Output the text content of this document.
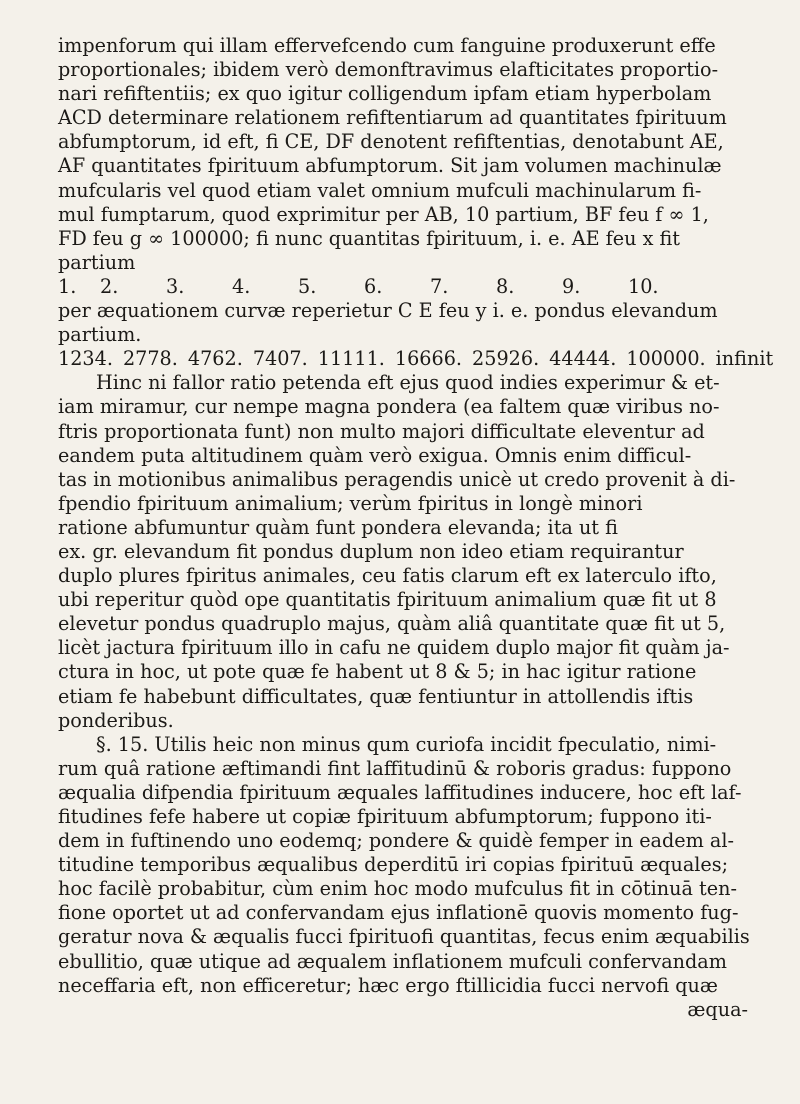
impenforum qui illam effervefcendo cum fanguine produxerunt effe
proportionales; ibidem verò demonftravimus elafticitates proportio-
nari refiftentiis; ex quo igitur colligendum ipfam etiam hyperbolam
ACD determinare relationem refiftentiarum ad quantitates fpirituum
abfumptorum, id eft, fi CE, DF denotent refiftentias, denotabunt AE,
AF quantitates fpirituum abfumptorum. Sit jam volumen machinulæ
mufcularis vel quod etiam valet omnium mufculi machinularum fi-
mul fumptarum, quod exprimitur per AB, 10 partium, BF feu f ∞ 1,
FD feu g ∞ 100000; fi nunc quantitas fpirituum, i. e. AE feu x fit
partium
1.	2.	3.	4.	5.	6.	7.	8.	9.	10.
per æquationem curvæ reperietur C E feu y i. e. pondus elevandum
partium.
1234. 2778. 4762. 7407. 11111. 16666. 25926. 44444. 100000. infinit
Hinc ni fallor ratio petenda eft ejus quod indies experimur & et-
iam miramur, cur nempe magna pondera (ea faltem quæ viribus no-
ftris proportionata funt) non multo majori difficultate eleventur ad
eandem puta altitudinem quàm verò exigua. Omnis enim difficul-
tas in motionibus animalibus peragendis unicè ut credo provenit à di-
fpendio fpirituum animalium; verùm fpiritus in longè minori
ratione abfumuntur quàm funt pondera elevanda; ita ut fi
ex. gr. elevandum fit pondus duplum non ideo etiam requirantur
duplo plures fpiritus animales, ceu fatis clarum eft ex laterculo ifto,
ubi reperitur quòd ope quantitatis fpirituum animalium quæ fit ut 8
elevetur pondus quadruplo majus, quàm aliâ quantitate quæ fit ut 5,
licèt jactura fpirituum illo in cafu ne quidem duplo major fit quàm ja-
ctura in hoc, ut pote quæ fe habent ut 8 & 5; in hac igitur ratione
etiam fe habebunt difficultates, quæ fentiuntur in attollendis iftis
ponderibus.
§. 15. Utilis heic non minus qum curiofa incidit fpeculatio, nimi-
rum quâ ratione æftimandi fint laffitudinū & roboris gradus: fuppono
æqualia difpendia fpirituum æquales laffitudines inducere, hoc eft laf-
fitudines fefe habere ut copiæ fpirituum abfumptorum; fuppono iti-
dem in fuftinendo uno eodemq; pondere & quidè femper in eadem al-
titudine temporibus æqualibus deperditū iri copias fpirituū æquales;
hoc facilè probabitur, cùm enim hoc modo mufculus fit in cōtinuā ten-
fione oportet ut ad confervandam ejus inflationē quovis momento fug-
geratur nova & æqualis fucci fpirituofi quantitas, fecus enim æquabilis
ebullitio, quæ utique ad æqualem inflationem mufculi confervandam
neceffaria eft, non efficeretur; hæc ergo ftillicidia fucci nervofi quæ
æqua-
